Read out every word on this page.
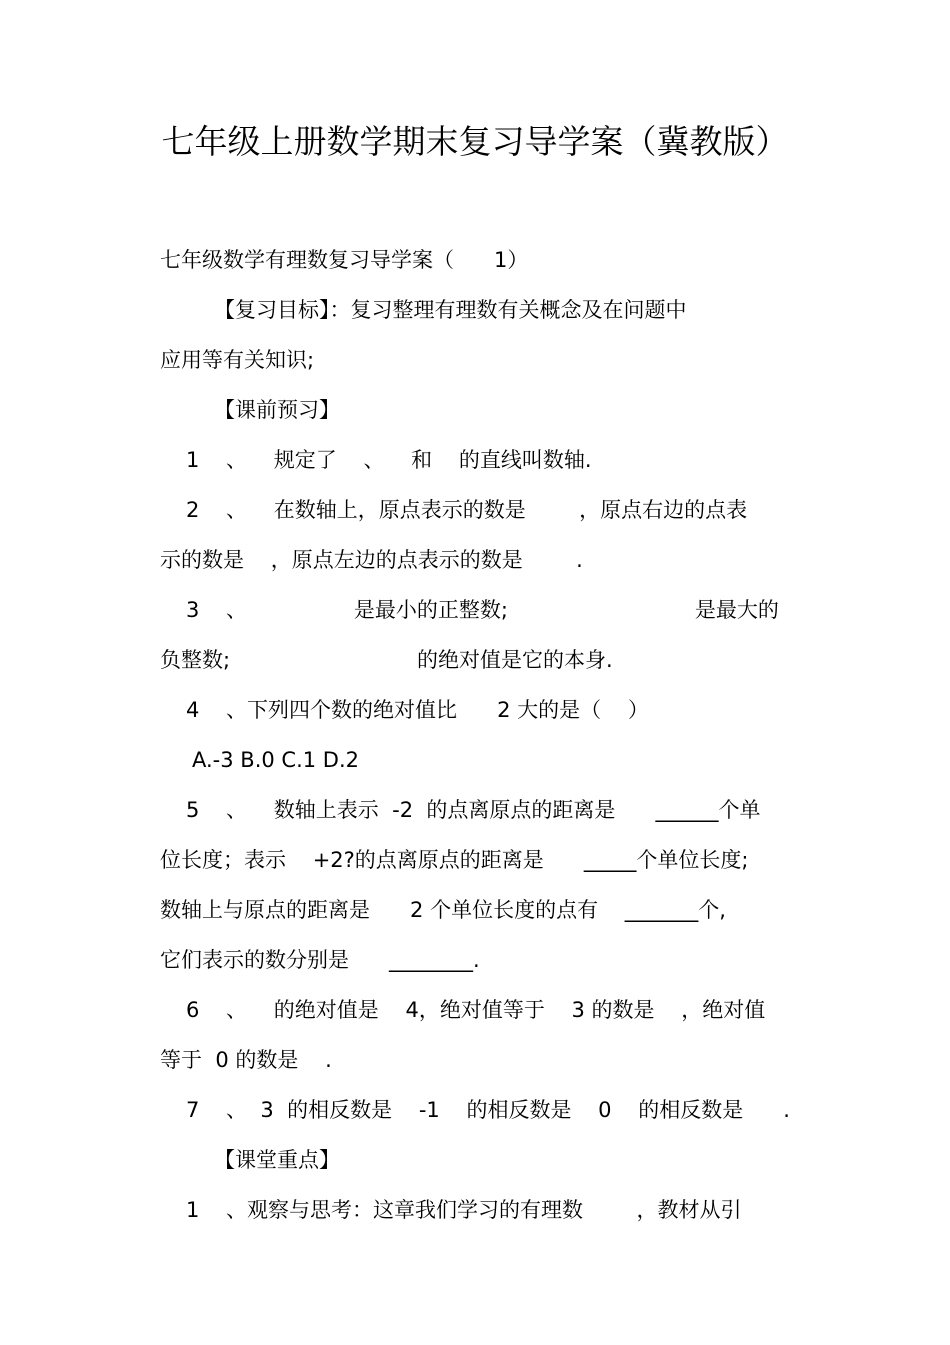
七年级上册数学期末复习导学案（冀教版）
七年级数学有理数复习导学案（      1）
【复习目标】：复习整理有理数有关概念及在问题中
应用等有关知识;
【课前预习】
1    、    规定了    、    和    的直线叫数轴.
2    、    在数轴上，原点表示的数是        ，原点右边的点表
示的数是    ，原点左边的点表示的数是        .
3    、                是最小的正整数;                            是最大的
负整数;                            的绝对值是它的本身.
4    、下列四个数的绝对值比      2 大的是（    ）
A.-3 B.0 C.1 D.2
5    、    数轴上表示  -2  的点离原点的距离是      ______个单
位长度；表示    +2?的点离原点的距离是      _____个单位长度;
数轴上与原点的距离是      2 个单位长度的点有    _______个,
它们表示的数分别是      ________.
6    、    的绝对值是    4，绝对值等于    3 的数是    ，绝对值
等于  0 的数是    .
7    、  3  的相反数是    -1    的相反数是    0    的相反数是      .
【课堂重点】
1    、观察与思考：这章我们学习的有理数        ，教材从引
